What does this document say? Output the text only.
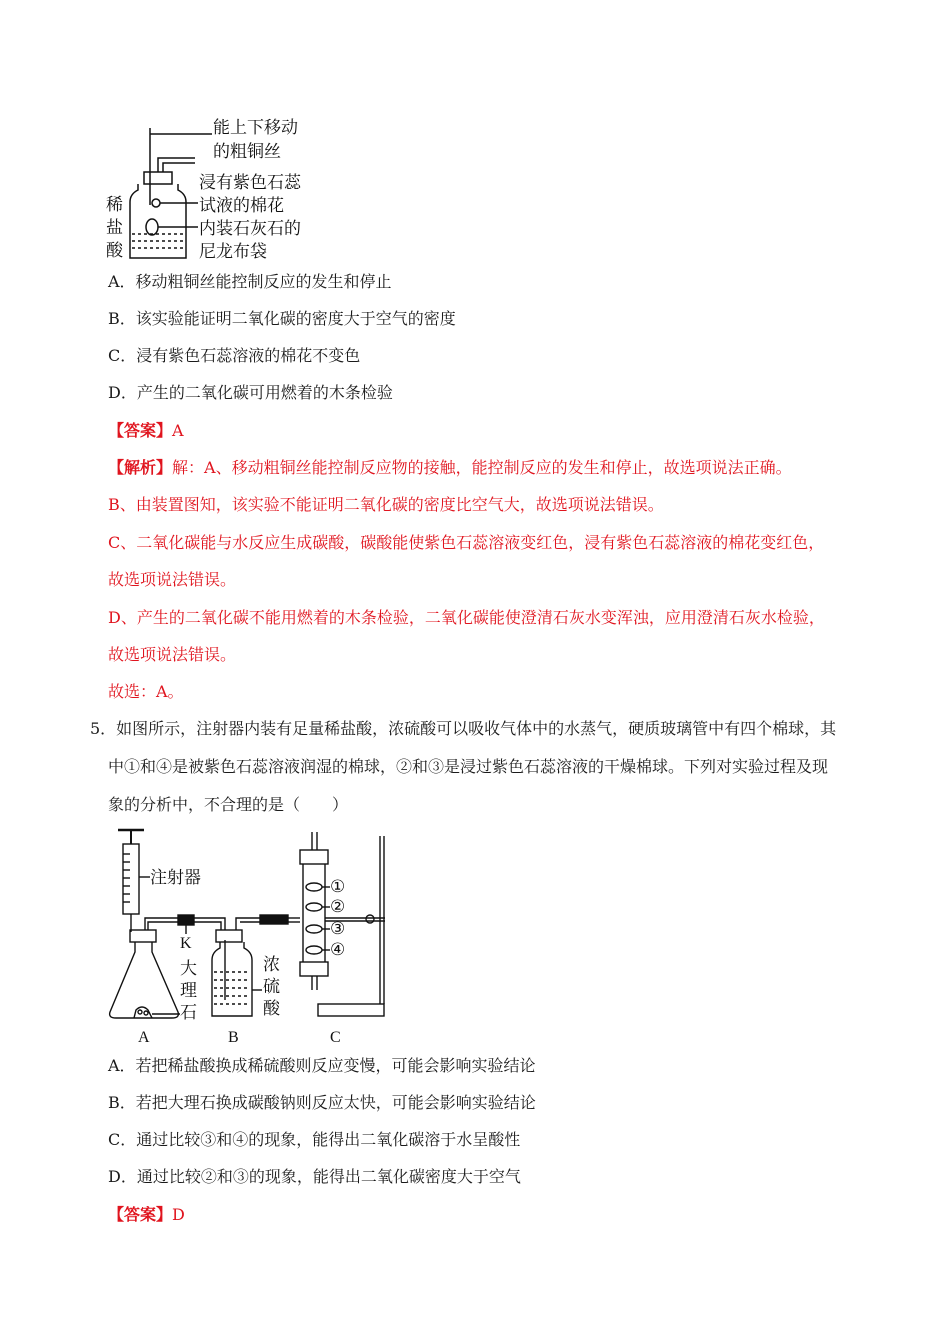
能上下移动
的粗铜丝
浸有紫色石蕊
试液的棉花
内装石灰石的
尼龙布袋
稀
盐
酸
A．移动粗铜丝能控制反应的发生和停止
B．该实验能证明二氧化碳的密度大于空气的密度
C．浸有紫色石蕊溶液的棉花不变色
D．产生的二氧化碳可用燃着的木条检验
【答案】A
【解析】解：A、移动粗铜丝能控制反应物的接触，能控制反应的发生和停止，故选项说法正确。
B、由装置图知，该实验不能证明二氧化碳的密度比空气大，故选项说法错误。
C、二氧化碳能与水反应生成碳酸，碳酸能使紫色石蕊溶液变红色，浸有紫色石蕊溶液的棉花变红色，
故选项说法错误。
D、产生的二氧化碳不能用燃着的木条检验，二氧化碳能使澄清石灰水变浑浊，应用澄清石灰水检验，
故选项说法错误。
故选：A。
5．如图所示，注射器内装有足量稀盐酸，浓硫酸可以吸收气体中的水蒸气，硬质玻璃管中有四个棉球，其
中①和④是被紫色石蕊溶液润湿的棉球，②和③是浸过紫色石蕊溶液的干燥棉球。下列对实验过程及现
象的分析中，不合理的是（　　）
注射器
K
大
理
石
浓
硫
酸
①
②
③
④
A	B	C
A．若把稀盐酸换成稀硫酸则反应变慢，可能会影响实验结论
B．若把大理石换成碳酸钠则反应太快，可能会影响实验结论
C．通过比较③和④的现象，能得出二氧化碳溶于水呈酸性
D．通过比较②和③的现象，能得出二氧化碳密度大于空气
【答案】D
